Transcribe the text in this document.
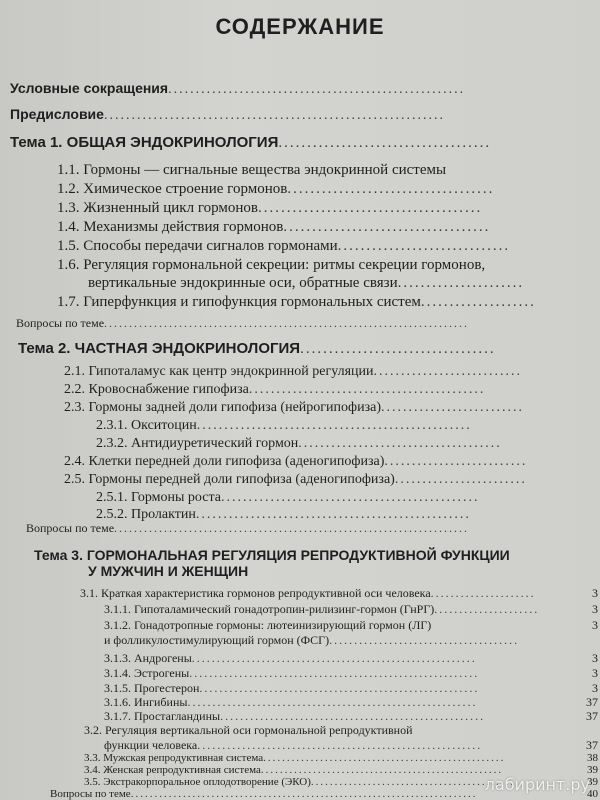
СОДЕРЖАНИЕ
Условные сокращения......................................................
Предисловие..............................................................
Тема 1. ОБЩАЯ ЭНДОКРИНОЛОГИЯ.....................................
1.1. Гормоны — сигнальные вещества эндокринной системы
1.2. Химическое строение гормонов....................................
1.3. Жизненный цикл гормонов.......................................
1.4. Механизмы действия гормонов....................................
1.5. Способы передачи сигналов гормонами..............................
1.6. Регуляция гормональной секреции: ритмы секреции гормонов,
вертикальные эндокринные оси, обратные связи......................
1.7. Гиперфункция и гипофункция гормональных систем....................
Вопросы по теме.........................................................................
Тема 2. ЧАСТНАЯ ЭНДОКРИНОЛОГИЯ..................................
2.1. Гипоталамус как центр эндокринной регуляции...........................
2.2. Кровоснабжение гипофиза...........................................
2.3. Гормоны задней доли гипофиза (нейрогипофиза)..........................
2.3.1. Окситоцин..................................................
2.3.2. Антидиуретический гормон.....................................
2.4. Клетки передней доли гипофиза (аденогипофиза)..........................
2.5. Гормоны передней доли гипофиза (аденогипофиза)........................
2.5.1. Гормоны роста...............................................
2.5.2. Пролактин..................................................
Вопросы по теме.......................................................................
Тема 3. ГОРМОНАЛЬНАЯ РЕГУЛЯЦИЯ РЕПРОДУКТИВНОЙ ФУНКЦИИ
У МУЖЧИН И ЖЕНЩИН
3.1. Краткая характеристика гормонов репродуктивной оси человека.....................	3
3.1.1. Гипоталамический гонадотропин-рилизинг-гормон (ГнРГ).....................	3
3.1.2. Гонадотропные гормоны: лютеинизирующий гормон (ЛГ)	3
и фолликулостимулирующий гормон (ФСГ)......................................
3.1.3. Андрогены.........................................................	3
3.1.4. Эстрогены..........................................................	3
3.1.5. Прогестерон........................................................	3
3.1.6. Ингибины..........................................................	37
3.1.7. Простагландины.....................................................	37
3.2. Регуляция вертикальной оси гормональной репродуктивной
функции человека.........................................................	37
3.3. Мужская репродуктивная система...................................................	38
3.4. Женская репродуктивная система...................................................	39
3.5. Экстракорпоральное оплодотворение (ЭКО)...........................................	39
Вопросы по теме.........................................................................	40
лабиринт.ру
